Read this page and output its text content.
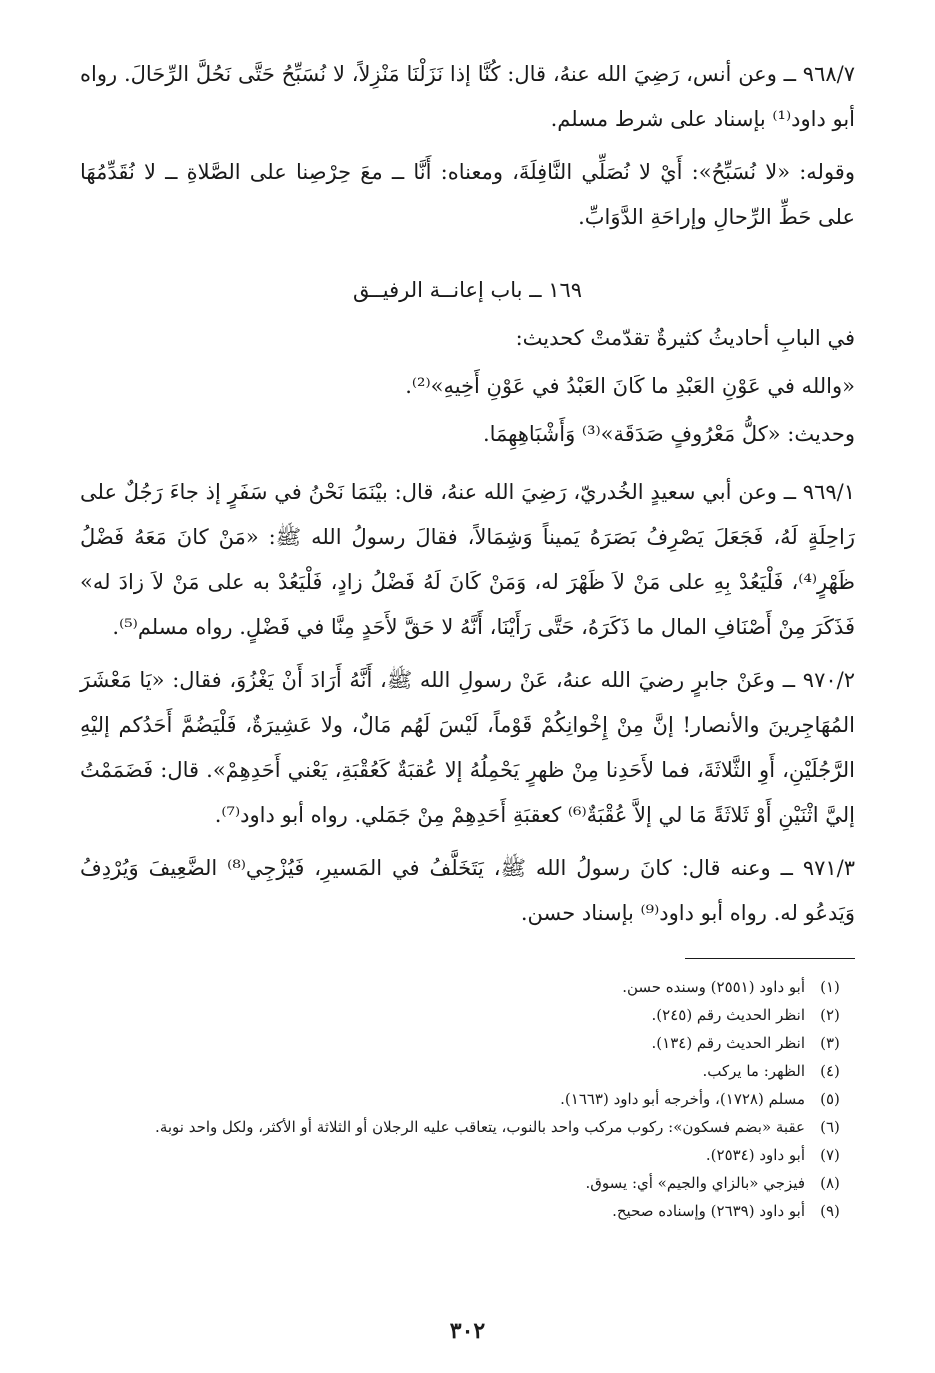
٩٦٨/٧ ــ وعن أنس، رَضِيَ الله عنهُ، قال: كُنَّا إذا نَزَلْنَا مَنْزِلاً، لا نُسَبِّحُ حَتَّى نَحُلَّ الرِّحَالَ. رواه أبو داود⁽¹⁾ بإسناد على شرط مسلم.

وقوله: «لا نُسَبِّحُ»: أَيْ لا نُصَلِّي النَّافِلَةَ، ومعناه: أَنَّا ــ معَ حِرْصِنا على الصَّلاةِ ــ لا نُقَدِّمُهَا على حَطِّ الرِّحالِ وإراحَةِ الدَّوَابِّ.

١٦٩ ــ باب إعانــة الرفيــق

في البابِ أحاديثُ كثيرةٌ تقدّمتْ كحديث:

«والله في عَوْنِ العَبْدِ ما كَانَ العَبْدُ في عَوْنِ أَخِيهِ»⁽²⁾.

وحديث: «كلُّ مَعْرُوفٍ صَدَقَة»⁽³⁾ وَأَشْبَاهِهِمَا.

٩٦٩/١ ــ وعن أبي سعيدٍ الخُدريّ، رَضِيَ الله عنهُ، قال: بيْنَمَا نَحْنُ في سَفَرٍ إذ جاءَ رَجُلٌ على رَاحِلَةٍ لَهُ، فَجَعَلَ يَصْرِفُ بَصَرَهُ يَميناً وَشِمَالاً، فقالَ رسولُ الله ﷺ: «مَنْ كانَ مَعَهُ فَضْلُ ظَهْرٍ⁽⁴⁾، فَلْيَعُدْ بِهِ على مَنْ لاَ ظَهْرَ له، وَمَنْ كَانَ لَهُ فَضْلُ زادٍ، فَلْيَعُدْ به على مَنْ لاَ زادَ له» فَذَكَرَ مِنْ أَصْنَافِ المال ما ذَكَرَهُ، حَتَّى رَأَيْنَا، أَنَّهُ لا حَقَّ لأَحَدٍ مِنَّا في فَضْلٍ. رواه مسلم⁽⁵⁾.

٩٧٠/٢ ــ وعَنْ جابرٍ رضيَ الله عنهُ، عَنْ رسولِ الله ﷺ، أَنَّهُ أَرَادَ أَنْ يَغْزُوَ، فقال: «يَا مَعْشَرَ المُهَاجِرينَ والأنصار! إنَّ مِنْ إِخْوانِكُمْ قَوْماً، لَيْسَ لَهُم مَالٌ، ولا عَشِيرَةٌ، فَلْيَضُمَّ أَحَدُكم إليْهِ الرَّجُلَيْنِ، أَوِ الثَّلاثَةَ، فما لأَحَدِنا مِنْ ظهرٍ يَحْمِلُهُ إلا عُقبَةٌ كَعُقْبَةِ، يَعْني أَحَدِهِمْ». قال: فَضَمَمْتُ إليَّ اثْنَيْنِ أَوْ ثَلاثَةً مَا لي إلاَّ عُقْبَةٌ⁽⁶⁾ كعقبَةِ أَحَدِهِمْ مِنْ جَمَلي. رواه أبو داود⁽⁷⁾.

٩٧١/٣ ــ وعنه قال: كانَ رسولُ الله ﷺ، يَتَخَلَّفُ في المَسيرِ، فَيُزْجِي⁽⁸⁾ الضَّعِيفَ وَيُرْدِفُ وَيَدعُو له. رواه أبو داود⁽⁹⁾ بإسناد حسن.

(١)
أبو داود (٢٥٥١) وسنده حسن.
(٢)
انظر الحديث رقم (٢٤٥).
(٣)
انظر الحديث رقم (١٣٤).
(٤)
الظهر: ما يركب.
(٥)
مسلم (١٧٢٨)، وأخرجه أبو داود (١٦٦٣).
(٦)
عقبة «بضم فسكون»: ركوب مركب واحد بالنوب، يتعاقب عليه الرجلان أو الثلاثة أو الأكثر، ولكل واحد نوبة.
(٧)
أبو داود (٢٥٣٤).
(٨)
فيزجي «بالزاي والجيم» أي: يسوق.
(٩)
أبو داود (٢٦٣٩) وإسناده صحيح.
٣٠٢
